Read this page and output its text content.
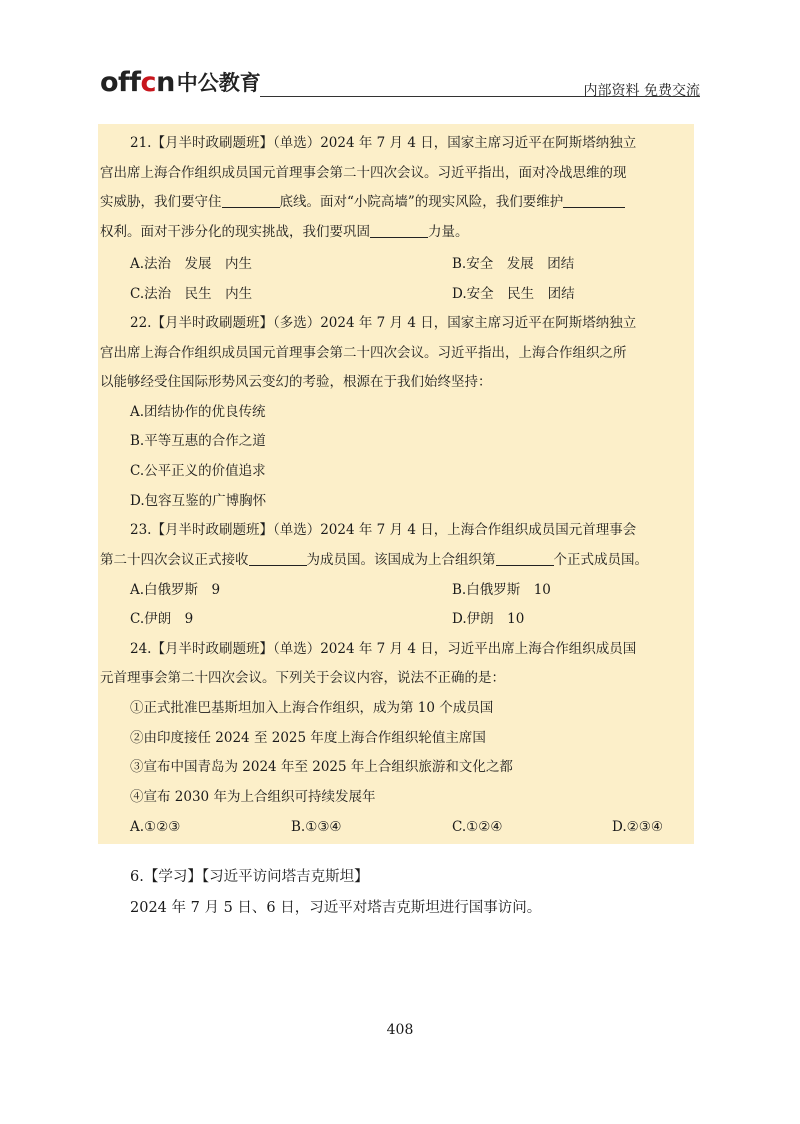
offcn 中公教育	内部资料 免费交流
21.【月半时政刷题班】（单选）2024 年 7 月 4 日，国家主席习近平在阿斯塔纳独立
宫出席上海合作组织成员国元首理事会第二十四次会议。习近平指出，面对冷战思维的现
实威胁，我们要守住	底线。面对“小院高墙”的现实风险，我们要维护
权利。面对干涉分化的现实挑战，我们要巩固	力量。
A.法治　发展　内生	B.安全　发展　团结
C.法治　民生　内生	D.安全　民生　团结
22.【月半时政刷题班】（多选）2024 年 7 月 4 日，国家主席习近平在阿斯塔纳独立
宫出席上海合作组织成员国元首理事会第二十四次会议。习近平指出，上海合作组织之所
以能够经受住国际形势风云变幻的考验，根源在于我们始终坚持：
A.团结协作的优良传统
B.平等互惠的合作之道
C.公平正义的价值追求
D.包容互鉴的广博胸怀
23.【月半时政刷题班】（单选）2024 年 7 月 4 日，上海合作组织成员国元首理事会
第二十四次会议正式接收	为成员国。该国成为上合组织第	个正式成员国。
A.白俄罗斯　9	B.白俄罗斯　10
C.伊朗　9	D.伊朗　10
24.【月半时政刷题班】（单选）2024 年 7 月 4 日，习近平出席上海合作组织成员国
元首理事会第二十四次会议。下列关于会议内容，说法不正确的是：
①正式批准巴基斯坦加入上海合作组织，成为第 10 个成员国
②由印度接任 2024 至 2025 年度上海合作组织轮值主席国
③宣布中国青岛为 2024 年至 2025 年上合组织旅游和文化之都
④宣布 2030 年为上合组织可持续发展年
A.①②③	B.①③④	C.①②④	D.②③④
6.【学习】【习近平访问塔吉克斯坦】
2024 年 7 月 5 日、6 日，习近平对塔吉克斯坦进行国事访问。
408
